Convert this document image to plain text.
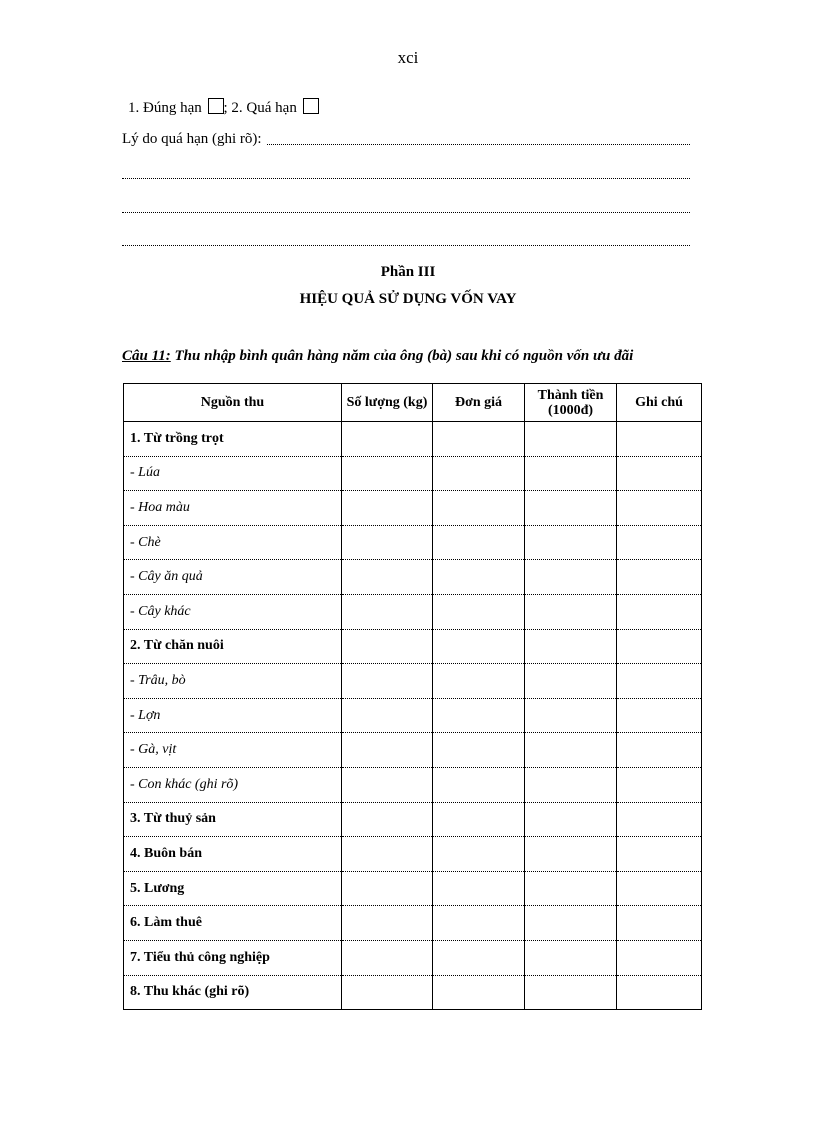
xci
1. Đúng hạn ; 2. Quá hạn
Lý do quá hạn (ghi rõ):
Phần III
HIỆU QUẢ SỬ DỤNG VỐN VAY
Câu 11: Thu nhập bình quân hàng năm của ông (bà) sau khi có nguồn vốn ưu đãi
Nguồn thu	Số lượng (kg)	Đơn giá	Thành tiền (1000đ)	Ghi chú
1. Từ trồng trọt				
- Lúa				
- Hoa màu				
- Chè				
- Cây ăn quả				
- Cây khác				
2. Từ chăn nuôi				
- Trâu, bò				
- Lợn				
- Gà, vịt				
- Con khác (ghi rõ)				
3. Từ thuỷ sản				
4. Buôn bán				
5. Lương				
6. Làm thuê				
7. Tiểu thủ công nghiệp				
8. Thu khác (ghi rõ)				
